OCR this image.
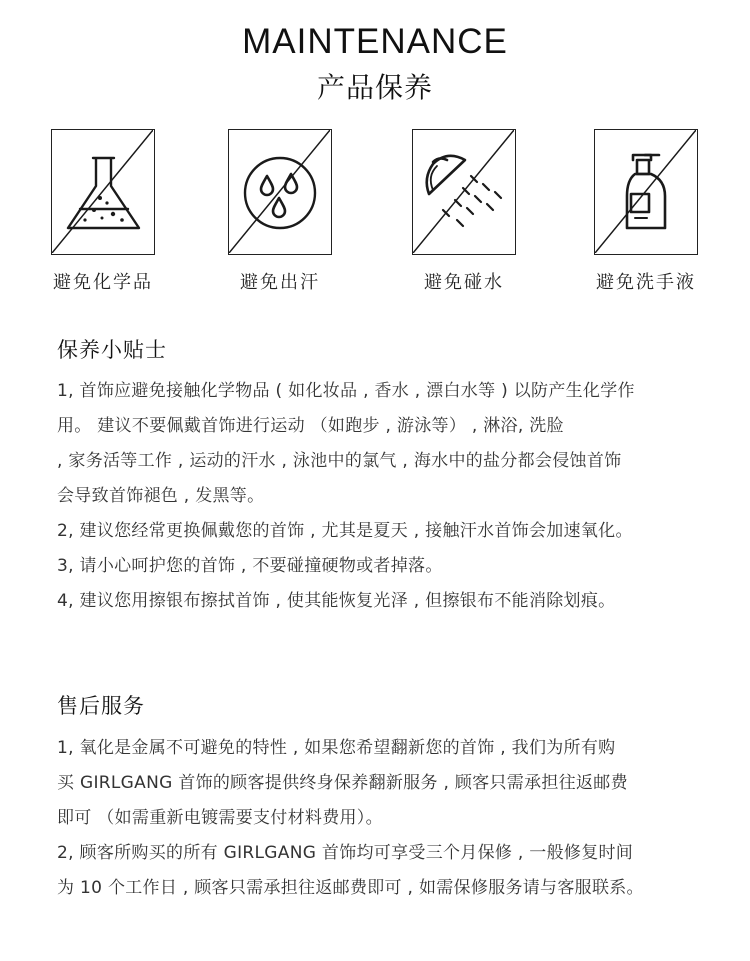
MAINTENANCE
产品保养
避免化学品	避免出汗	避免碰水	避免洗手液
保养小贴士
1, 首饰应避免接触化学物品 ( 如化妆品 , 香水 , 漂白水等 ) 以防产生化学作
用。 建议不要佩戴首饰进行运动 （如跑步 , 游泳等） , 淋浴, 洗脸
, 家务活等工作 , 运动的汗水 , 泳池中的氯气 , 海水中的盐分都会侵蚀首饰
会导致首饰褪色 , 发黑等。
2, 建议您经常更换佩戴您的首饰 , 尤其是夏天 , 接触汗水首饰会加速氧化。
3, 请小心呵护您的首饰 , 不要碰撞硬物或者掉落。
4, 建议您用擦银布擦拭首饰 , 使其能恢复光泽 , 但擦银布不能消除划痕。
售后服务
1, 氧化是金属不可避免的特性 , 如果您希望翻新您的首饰 , 我们为所有购
买 GIRLGANG 首饰的顾客提供终身保养翻新服务 , 顾客只需承担往返邮费
即可 （如需重新电镀需要支付材料费用）。
2, 顾客所购买的所有 GIRLGANG 首饰均可享受三个月保修 , 一般修复时间
为 10 个工作日 , 顾客只需承担往返邮费即可 , 如需保修服务请与客服联系。
